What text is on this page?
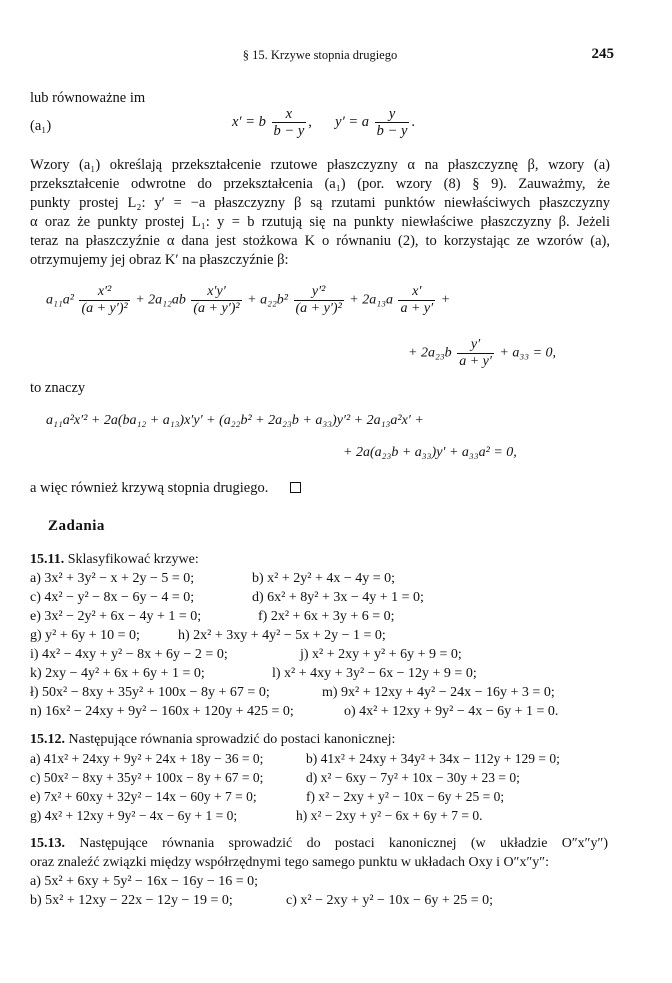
§ 15. Krzywe stopnia drugiego	245
lub równoważne im
(a₁)	x′ = b $\frac{x}{b - y}$ , y′ = a $\frac{y}{b - y}$ .
Wzory (a₁) określają przekształcenie rzutowe płaszczyzny α na płaszczyznę β, wzory (a)
przekształcenie odwrotne do przekształcenia (a₁) (por. wzory (8) § 9). Zauważmy, że
punkty prostej L₂: y′ = −a płaszczyzny β są rzutami punktów niewłaściwych płaszczyzny
α oraz że punkty prostej L₁: y = b rzutują się na punkty niewłaściwe płaszczyzny β. Jeżeli
teraz na płaszczyźnie α dana jest stożkowa K o równaniu (2), to korzystając ze wzorów (a),
otrzymujemy jej obraz K′ na płaszczyźnie β:
$a_{11}a^2 \frac{\text{x′²}}{\text{(a + y′)²}} + 2a_{12}ab \frac{x'y'}{\text{(a + y′)²}} + a_{22}b^2 \frac{\text{y′²}}{\text{(a + y′)²}} + 2a_{13}a \frac{x'}{a + y'}$ +
+ $2a_{23}b \frac{y'}{a + y'} + a_{33} = 0$,
to znaczy
a₁₁a²x′² + 2a(ba₁₂ + a₁₃)x′y′ + (a₂₂b² + 2a₂₃b + a₃₃)y′² + 2a₁₃a²x′ +
+ 2a(a₂₃b + a₃₃)y′ + a₃₃a² = 0,
a więc również krzywą stopnia drugiego.
Zadania
15.11. Sklasyfikować krzywe:
a) 3x² + 3y² − x + 2y − 5 = 0;	b) x² + 2y² + 4x − 4y = 0;
c) 4x² − y² − 8x − 6y − 4 = 0;	d) 6x² + 8y² + 3x − 4y + 1 = 0;
e) 3x² − 2y² + 6x − 4y + 1 = 0;	f) 2x² + 6x + 3y + 6 = 0;
g) y² + 6y + 10 = 0;	h) 2x² + 3xy + 4y² − 5x + 2y − 1 = 0;
i) 4x² − 4xy + y² − 8x + 6y − 2 = 0;	j) x² + 2xy + y² + 6y + 9 = 0;
k) 2xy − 4y² + 6x + 6y + 1 = 0;	l) x² + 4xy + 3y² − 6x − 12y + 9 = 0;
ł) 50x² − 8xy + 35y² + 100x − 8y + 67 = 0;	m) 9x² + 12xy + 4y² − 24x − 16y + 3 = 0;
n) 16x² − 24xy + 9y² − 160x + 120y + 425 = 0;	o) 4x² + 12xy + 9y² − 4x − 6y + 1 = 0.
15.12. Następujące równania sprowadzić do postaci kanonicznej:
a) 41x² + 24xy + 9y² + 24x + 18y − 36 = 0;	b) 41x² + 24xy + 34y² + 34x − 112y + 129 = 0;
c) 50x² − 8xy + 35y² + 100x − 8y + 67 = 0;	d) x² − 6xy − 7y² + 10x − 30y + 23 = 0;
e) 7x² + 60xy + 32y² − 14x − 60y + 7 = 0;	f) x² − 2xy + y² − 10x − 6y + 25 = 0;
g) 4x² + 12xy + 9y² − 4x − 6y + 1 = 0;	h) x² − 2xy + y² − 6x + 6y + 7 = 0.
15.13. Następujące równania sprowadzić do postaci kanonicznej (w układzie O″x″y″)
oraz znaleźć związki między współrzędnymi tego samego punktu w układach Oxy i O″x″y″:
a) 5x² + 6xy + 5y² − 16x − 16y − 16 = 0;
b) 5x² + 12xy − 22x − 12y − 19 = 0;	c) x² − 2xy + y² − 10x − 6y + 25 = 0;
